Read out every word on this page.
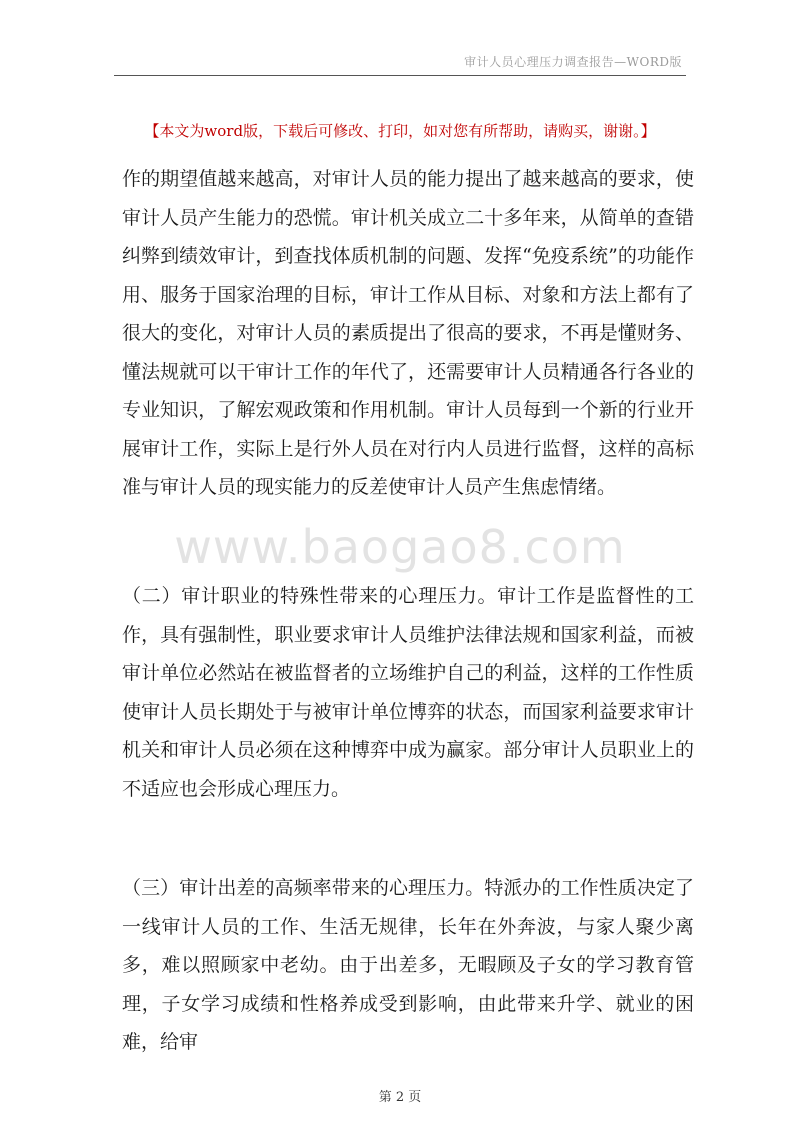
审计人员心理压力调查报告—WORD版
【本文为word版，下载后可修改、打印，如对您有所帮助，请购买，谢谢。】
作的期望值越来越高，对审计人员的能力提出了越来越高的要求，使审计人员产生能力的恐慌。审计机关成立二十多年来，从简单的查错纠弊到绩效审计，到查找体质机制的问题、发挥“免疫系统”的功能作用、服务于国家治理的目标，审计工作从目标、对象和方法上都有了很大的变化，对审计人员的素质提出了很高的要求，不再是懂财务、懂法规就可以干审计工作的年代了，还需要审计人员精通各行各业的专业知识，了解宏观政策和作用机制。审计人员每到一个新的行业开展审计工作，实际上是行外人员在对行内人员进行监督，这样的高标准与审计人员的现实能力的反差使审计人员产生焦虑情绪。
www.baogao8.com
（二）审计职业的特殊性带来的心理压力。审计工作是监督性的工作，具有强制性，职业要求审计人员维护法律法规和国家利益，而被审计单位必然站在被监督者的立场维护自己的利益，这样的工作性质使审计人员长期处于与被审计单位博弈的状态，而国家利益要求审计机关和审计人员必须在这种博弈中成为赢家。部分审计人员职业上的不适应也会形成心理压力。
（三）审计出差的高频率带来的心理压力。特派办的工作性质决定了一线审计人员的工作、生活无规律，长年在外奔波，与家人聚少离多，难以照顾家中老幼。由于出差多，无暇顾及子女的学习教育管理，子女学习成绩和性格养成受到影响，由此带来升学、就业的困难，给审
第 2 页
